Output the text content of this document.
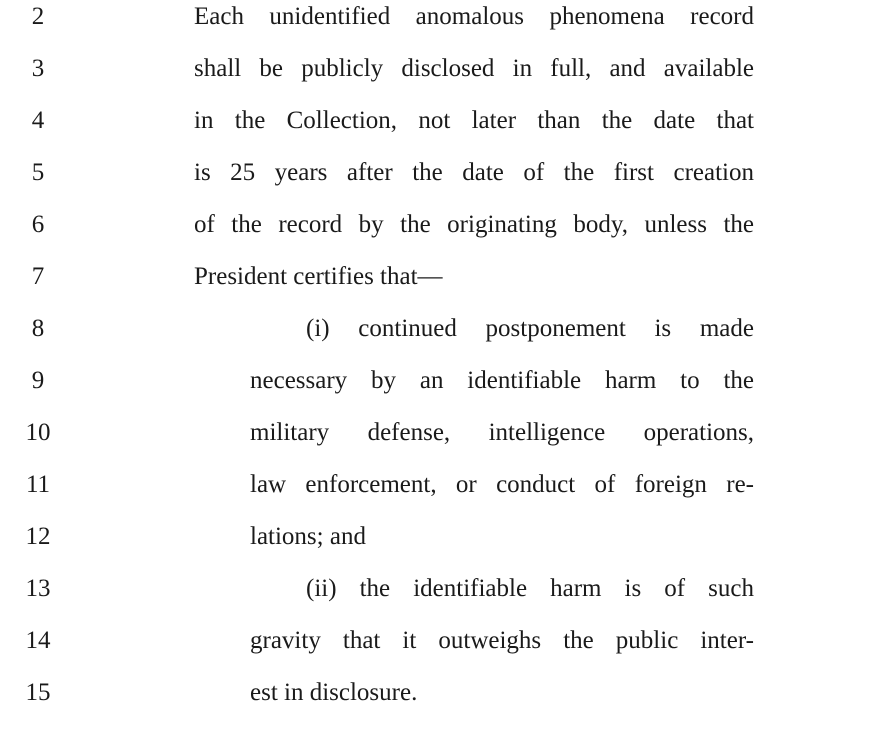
2	Each unidentified anomalous phenomena record
3	shall be publicly disclosed in full, and available
4	in the Collection, not later than the date that
5	is 25 years after the date of the first creation
6	of the record by the originating body, unless the
7	President certifies that—
8	(i) continued postponement is made
9	necessary by an identifiable harm to the
10	military defense, intelligence operations,
11	law enforcement, or conduct of foreign re-
12	lations; and
13	(ii) the identifiable harm is of such
14	gravity that it outweighs the public inter-
15	est in disclosure.
